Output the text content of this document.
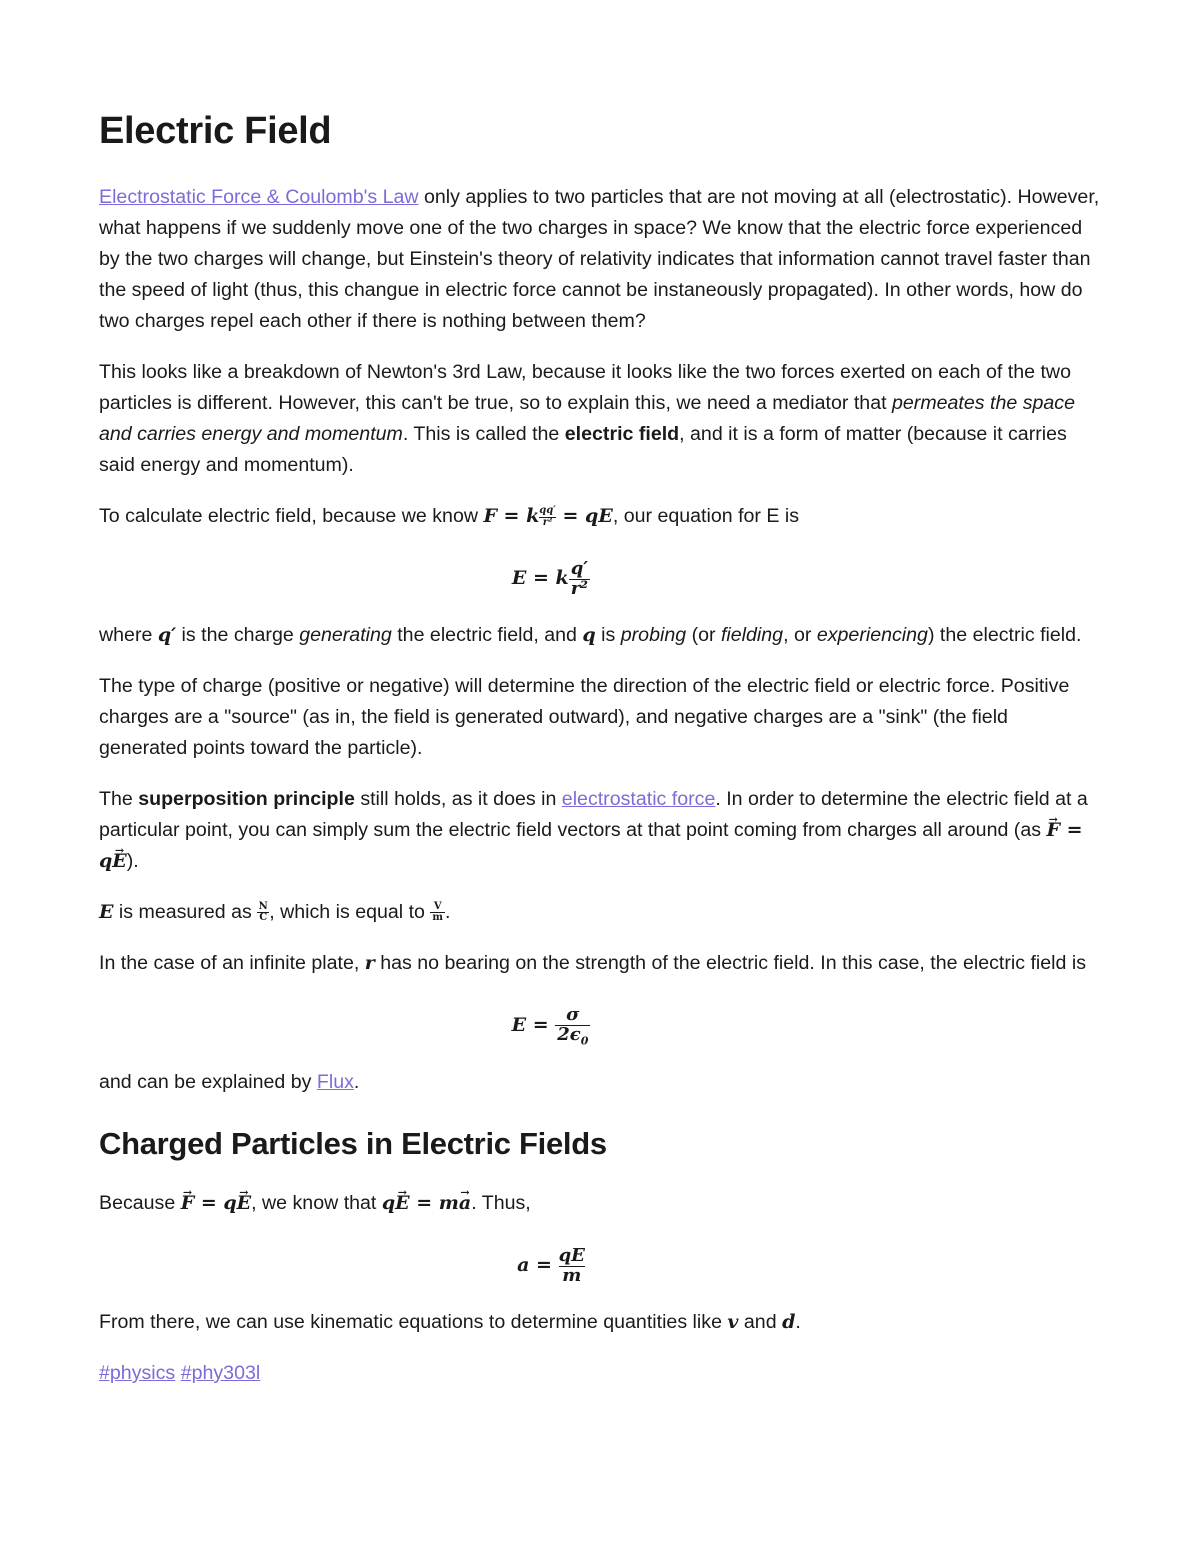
Electric Field

Electrostatic Force & Coulomb's Law only applies to two particles that are not moving at all (electrostatic). However, what happens if we suddenly move one of the two charges in space? We know that the electric force experienced by the two charges will change, but Einstein's theory of relativity indicates that information cannot travel faster than the speed of light (thus, this changue in electric force cannot be instaneously propagated). In other words, how do two charges repel each other if there is nothing between them?

This looks like a breakdown of Newton's 3rd Law, because it looks like the two forces exerted on each of the two particles is different. However, this can't be true, so to explain this, we need a mediator that permeates the space and carries energy and momentum. This is called the electric field, and it is a form of matter (because it carries said energy and momentum).

To calculate electric field, because we know F = k $\frac{qq'}{\text{r²}}$ = qE, our equation for E is

E = k $\frac{q'}{\text{r²}}$

where q′ is the charge generating the electric field, and q is probing (or fielding, or experiencing) the electric field.

The type of charge (positive or negative) will determine the direction of the electric field or electric force. Positive charges are a "source" (as in, the field is generated outward), and negative charges are a "sink" (the field generated points toward the particle).

The superposition principle still holds, as it does in electrostatic force. In order to determine the electric field at a particular point, you can simply sum the electric field vectors at that point coming from charges all around (as → F = q→ E).

E is measured as $\frac{N}{C}$ , which is equal to $\frac{V}{m}$ .

In the case of an infinite plate, r has no bearing on the strength of the electric field. In this case, the electric field is

$E = \frac{\sigma}{2\epsilon_0}$

and can be explained by Flux.

Charged Particles in Electric Fields

Because → F = q→ E, we know that q→ E = m→ a. Thus,

$a = \frac{qE}{m}$

From there, we can use kinematic equations to determine quantities like v and d.

#physics #phy303l
